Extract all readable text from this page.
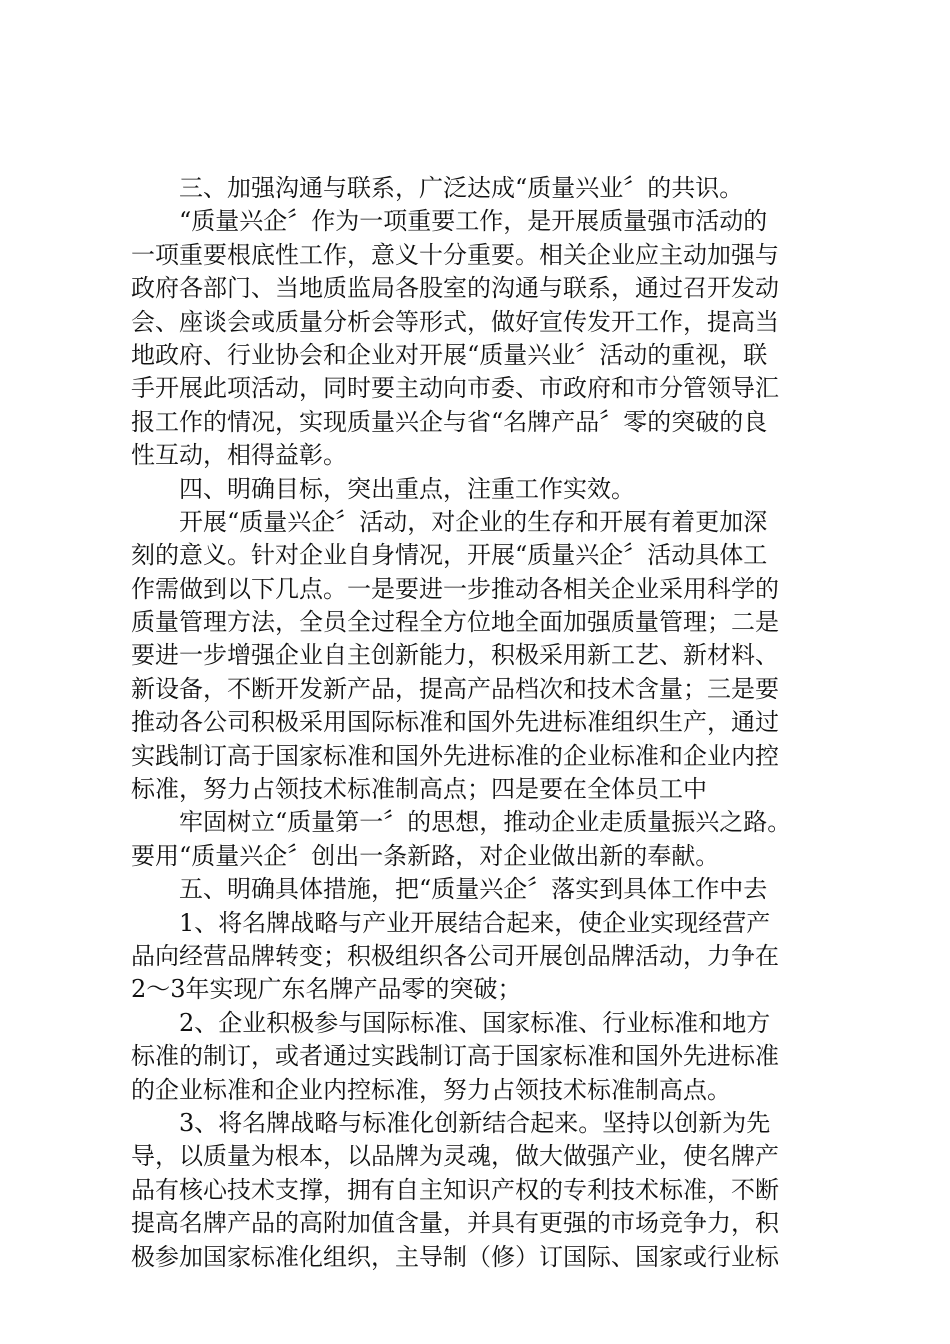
三、加强沟通与联系，广泛达成“质量兴业〞的共识。
“质量兴企〞作为一项重要工作，是开展质量强市活动的
一项重要根底性工作，意义十分重要。相关企业应主动加强与
政府各部门、当地质监局各股室的沟通与联系，通过召开发动
会、座谈会或质量分析会等形式，做好宣传发开工作，提高当
地政府、行业协会和企业对开展“质量兴业〞活动的重视，联
手开展此项活动，同时要主动向市委、市政府和市分管领导汇
报工作的情况，实现质量兴企与省“名牌产品〞零的突破的良
性互动，相得益彰。
四、明确目标，突出重点，注重工作实效。
开展“质量兴企〞活动，对企业的生存和开展有着更加深
刻的意义。针对企业自身情况，开展“质量兴企〞活动具体工
作需做到以下几点。一是要进一步推动各相关企业采用科学的
质量管理方法，全员全过程全方位地全面加强质量管理；二是
要进一步增强企业自主创新能力，积极采用新工艺、新材料、
新设备，不断开发新产品，提高产品档次和技术含量；三是要
推动各公司积极采用国际标准和国外先进标准组织生产，通过
实践制订高于国家标准和国外先进标准的企业标准和企业内控
标准，努力占领技术标准制高点；四是要在全体员工中
牢固树立“质量第一〞的思想，推动企业走质量振兴之路。
要用“质量兴企〞创出一条新路，对企业做出新的奉献。
五、明确具体措施，把“质量兴企〞落实到具体工作中去
1、将名牌战略与产业开展结合起来，使企业实现经营产
品向经营品牌转变；积极组织各公司开展创品牌活动，力争在
2～3年实现广东名牌产品零的突破；
2、企业积极参与国际标准、国家标准、行业标准和地方
标准的制订，或者通过实践制订高于国家标准和国外先进标准
的企业标准和企业内控标准，努力占领技术标准制高点。
3、将名牌战略与标准化创新结合起来。坚持以创新为先
导，以质量为根本，以品牌为灵魂，做大做强产业，使名牌产
品有核心技术支撑，拥有自主知识产权的专利技术标准，不断
提高名牌产品的高附加值含量，并具有更强的市场竞争力，积
极参加国家标准化组织，主导制（修）订国际、国家或行业标
